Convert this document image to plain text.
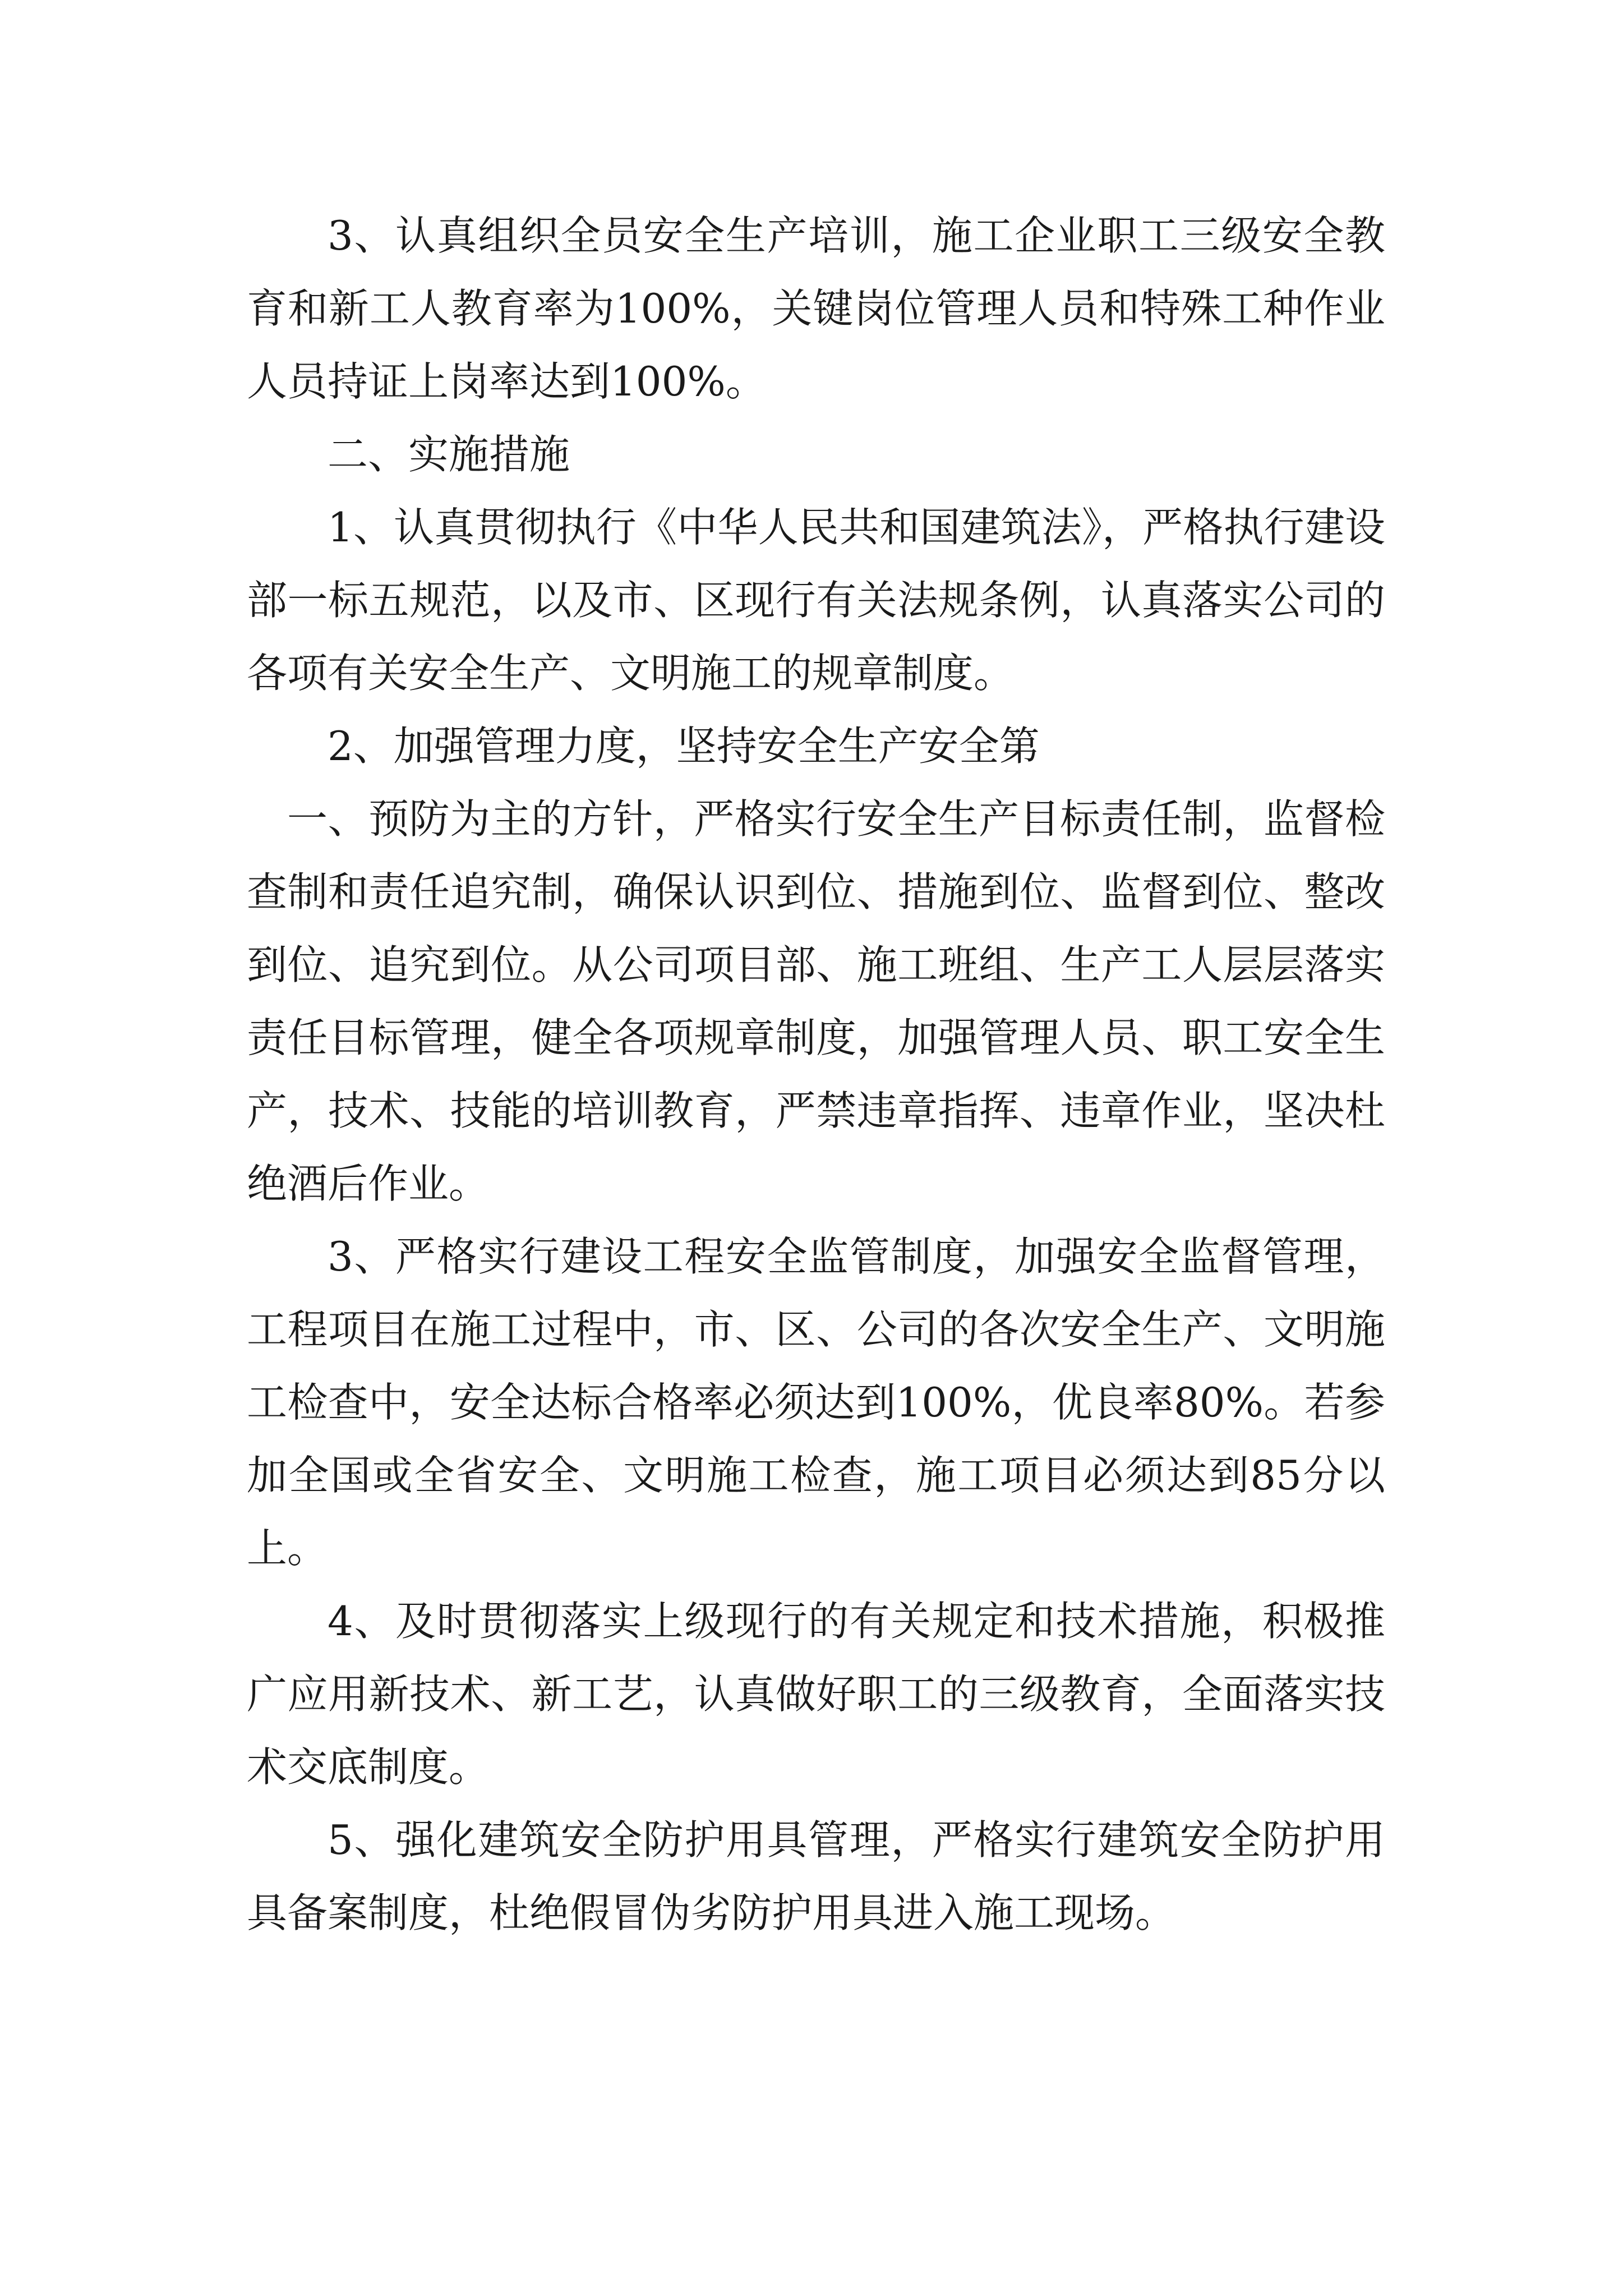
3、认真组织全员安全生产培训，施工企业职工三级安全教育和新工人教育率为100%，关键岗位管理人员和特殊工种作业人员持证上岗率达到100%。

二、实施措施

1、认真贯彻执行《中华人民共和国建筑法》，严格执行建设部一标五规范，以及市、区现行有关法规条例，认真落实公司的各项有关安全生产、文明施工的规章制度。

2、加强管理力度，坚持安全生产安全第

一、预防为主的方针，严格实行安全生产目标责任制，监督检查制和责任追究制，确保认识到位、措施到位、监督到位、整改到位、追究到位。从公司项目部、施工班组、生产工人层层落实责任目标管理，健全各项规章制度，加强管理人员、职工安全生产，技术、技能的培训教育，严禁违章指挥、违章作业，坚决杜绝酒后作业。

3、严格实行建设工程安全监管制度，加强安全监督管理，工程项目在施工过程中，市、区、公司的各次安全生产、文明施工检查中，安全达标合格率必须达到100%，优良率80%。若参加全国或全省安全、文明施工检查，施工项目必须达到85分以上。

4、及时贯彻落实上级现行的有关规定和技术措施，积极推广应用新技术、新工艺，认真做好职工的三级教育，全面落实技术交底制度。

5、强化建筑安全防护用具管理，严格实行建筑安全防护用具备案制度，杜绝假冒伪劣防护用具进入施工现场。
